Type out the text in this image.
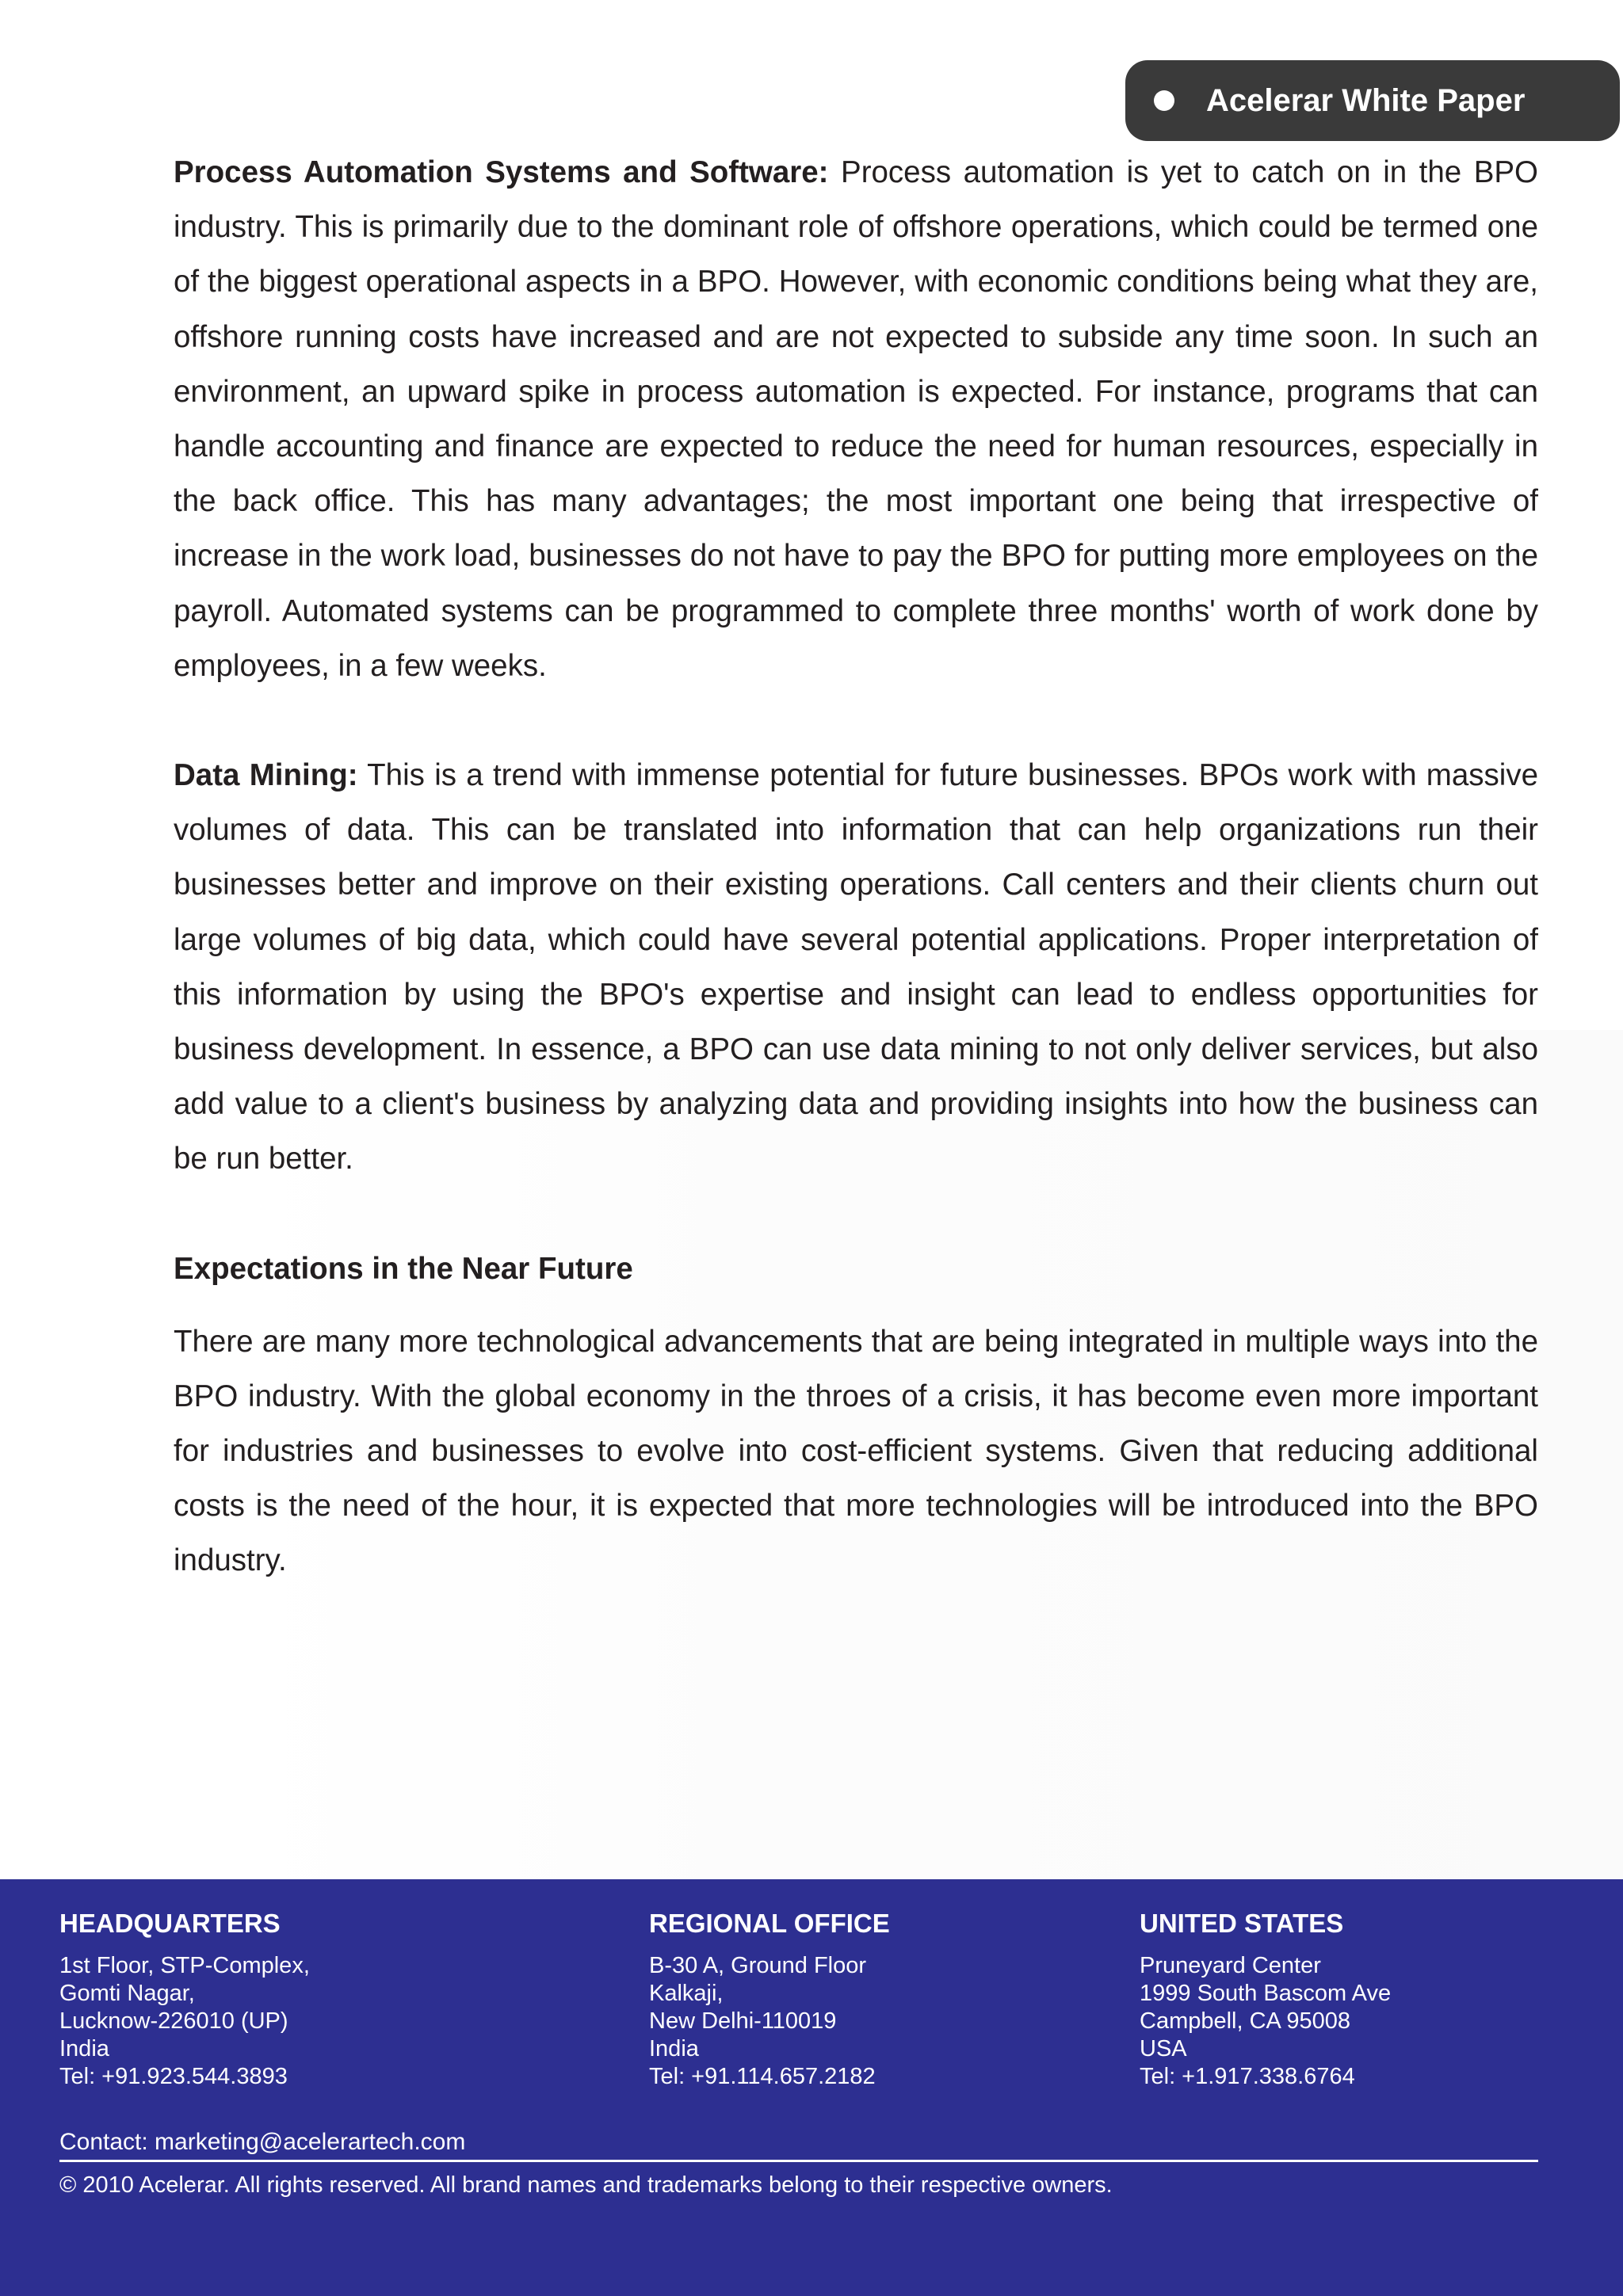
Acelerar White Paper

Process Automation Systems and Software: Process automation is yet to catch on in the BPO industry. This is primarily due to the dominant role of offshore operations, which could be termed one of the biggest operational aspects in a BPO. However, with economic conditions being what they are, offshore running costs have increased and are not expected to subside any time soon. In such an environment, an upward spike in process automation is expected. For instance, programs that can handle accounting and finance are expected to reduce the need for human resources, especially in the back office. This has many advantages; the most important one being that irrespective of increase in the work load, businesses do not have to pay the BPO for putting more employees on the payroll. Automated systems can be programmed to complete three months' worth of work done by employees, in a few weeks.

Data Mining: This is a trend with immense potential for future businesses. BPOs work with massive volumes of data. This can be translated into information that can help organizations run their businesses better and improve on their existing operations. Call centers and their clients churn out large volumes of big data, which could have several potential applications. Proper interpretation of this information by using the BPO's expertise and insight can lead to endless opportunities for business development. In essence, a BPO can use data mining to not only deliver services, but also add value to a client's business by analyzing data and providing insights into how the business can be run better.

Expectations in the Near Future

There are many more technological advancements that are being integrated in multiple ways into the BPO industry. With the global economy in the throes of a crisis, it has become even more important for industries and businesses to evolve into cost-efficient systems. Given that reducing additional costs is the need of the hour, it is expected that more technologies will be introduced into the BPO industry.

HEADQUARTERS
1st Floor, STP-Complex,
Gomti Nagar,
Lucknow-226010 (UP)
India
Tel: +91.923.544.3893
REGIONAL OFFICE
B-30 A, Ground Floor
Kalkaji,
New Delhi-110019
India
Tel: +91.114.657.2182
UNITED STATES
Pruneyard Center
1999 South Bascom Ave
Campbell, CA 95008
USA
Tel: +1.917.338.6764
Contact: marketing@acelerartech.com
© 2010 Acelerar. All rights reserved. All brand names and trademarks belong to their respective owners.
